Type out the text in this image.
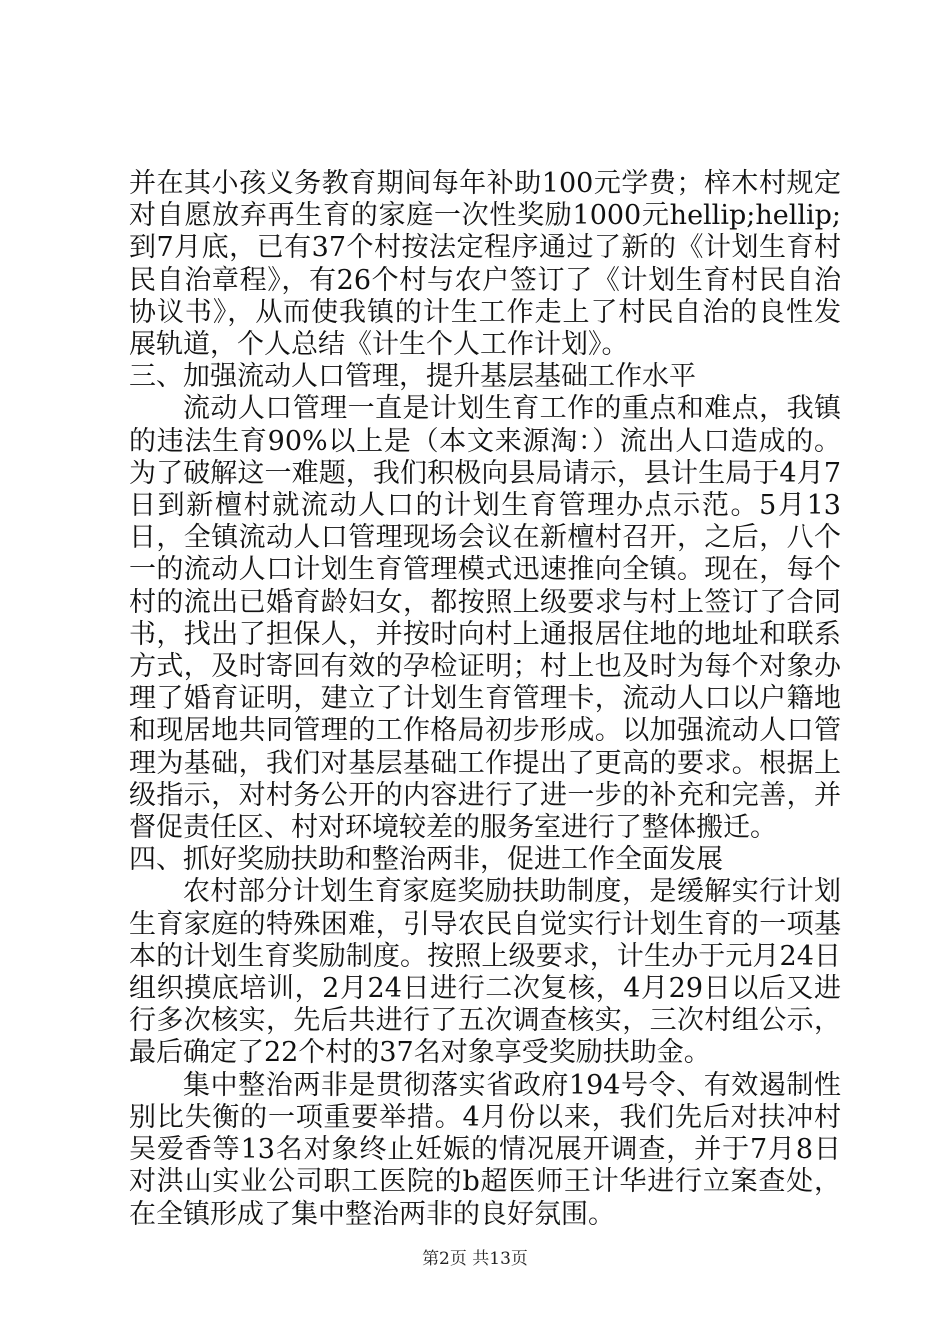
并在其小孩义务教育期间每年补助100元学费；梓木村规定对自愿放弃再生育的家庭一次性奖励1000元hellip;hellip;到7月底，已有37个村按法定程序通过了新的《计划生育村民自治章程》，有26个村与农户签订了《计划生育村民自治协议书》，从而使我镇的计生工作走上了村民自治的良性发展轨道，个人总结《计生个人工作计划》。

三、加强流动人口管理，提升基层基础工作水平

流动人口管理一直是计划生育工作的重点和难点，我镇的违法生育90%以上是（本文来源淘：）流出人口造成的。为了破解这一难题，我们积极向县局请示，县计生局于4月7日到新檀村就流动人口的计划生育管理办点示范。5月13日，全镇流动人口管理现场会议在新檀村召开，之后，八个一的流动人口计划生育管理模式迅速推向全镇。现在，每个村的流出已婚育龄妇女，都按照上级要求与村上签订了合同书，找出了担保人，并按时向村上通报居住地的地址和联系方式，及时寄回有效的孕检证明；村上也及时为每个对象办理了婚育证明，建立了计划生育管理卡，流动人口以户籍地和现居地共同管理的工作格局初步形成。以加强流动人口管理为基础，我们对基层基础工作提出了更高的要求。根据上级指示，对村务公开的内容进行了进一步的补充和完善，并督促责任区、村对环境较差的服务室进行了整体搬迁。

四、抓好奖励扶助和整治两非，促进工作全面发展

农村部分计划生育家庭奖励扶助制度，是缓解实行计划生育家庭的特殊困难，引导农民自觉实行计划生育的一项基本的计划生育奖励制度。按照上级要求，计生办于元月24日组织摸底培训，2月24日进行二次复核，4月29日以后又进行多次核实，先后共进行了五次调查核实，三次村组公示，最后确定了22个村的37名对象享受奖励扶助金。

集中整治两非是贯彻落实省政府194号令、有效遏制性别比失衡的一项重要举措。4月份以来，我们先后对扶冲村吴爱香等13名对象终止妊娠的情况展开调查，并于7月8日对洪山实业公司职工医院的b超医师王计华进行立案查处，在全镇形成了集中整治两非的良好氛围。

第2页 共13页
